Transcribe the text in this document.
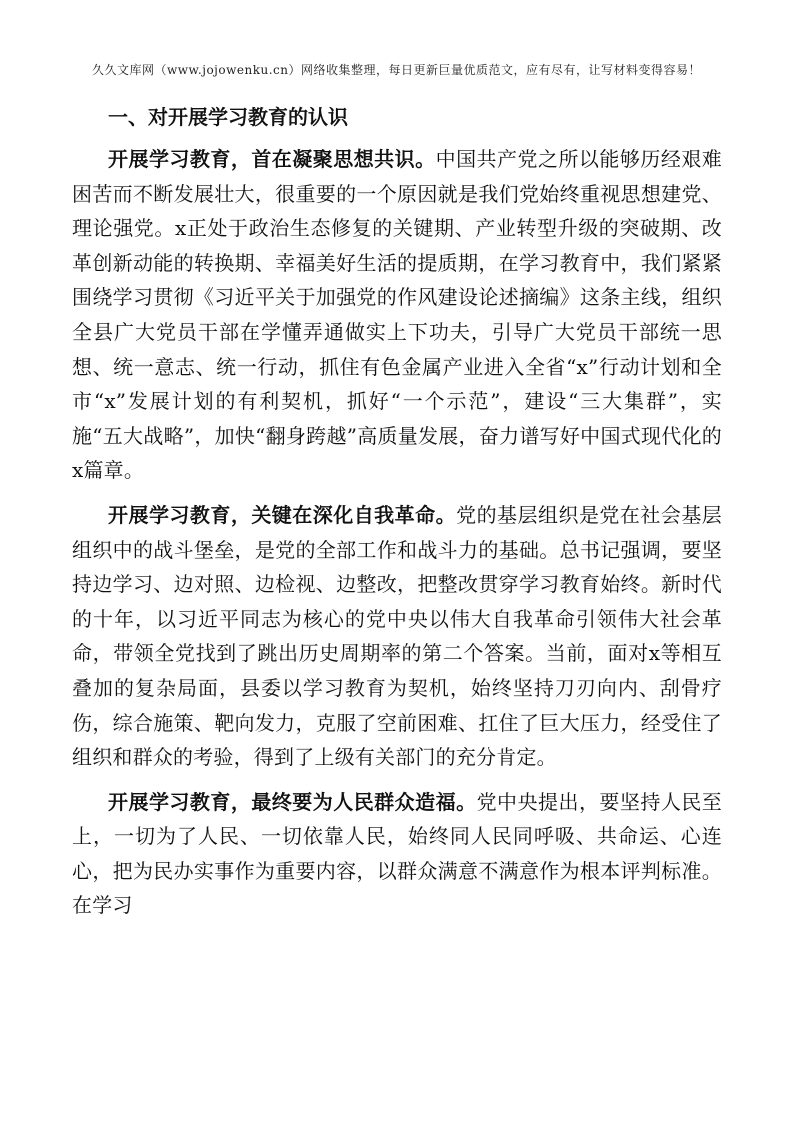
久久文库网（www.jojowenku.cn）网络收集整理，每日更新巨量优质范文，应有尽有，让写材料变得容易！
一、对开展学习教育的认识

开展学习教育，首在凝聚思想共识。中国共产党之所以能够历经艰难困苦而不断发展壮大，很重要的一个原因就是我们党始终重视思想建党、理论强党。x正处于政治生态修复的关键期、产业转型升级的突破期、改革创新动能的转换期、幸福美好生活的提质期，在学习教育中，我们紧紧围绕学习贯彻《习近平关于加强党的作风建设论述摘编》这条主线，组织全县广大党员干部在学懂弄通做实上下功夫，引导广大党员干部统一思想、统一意志、统一行动，抓住有色金属产业进入全省“x”行动计划和全市“x”发展计划的有利契机，抓好“一个示范”，建设“三大集群”，实施“五大战略”，加快“翻身跨越”高质量发展，奋力谱写好中国式现代化的x篇章。

开展学习教育，关键在深化自我革命。党的基层组织是党在社会基层组织中的战斗堡垒，是党的全部工作和战斗力的基础。总书记强调，要坚持边学习、边对照、边检视、边整改，把整改贯穿学习教育始终。新时代的十年，以习近平同志为核心的党中央以伟大自我革命引领伟大社会革命，带领全党找到了跳出历史周期率的第二个答案。当前，面对x等相互叠加的复杂局面，县委以学习教育为契机，始终坚持刀刃向内、刮骨疗伤，综合施策、靶向发力，克服了空前困难、扛住了巨大压力，经受住了组织和群众的考验，得到了上级有关部门的充分肯定。

开展学习教育，最终要为人民群众造福。党中央提出，要坚持人民至上，一切为了人民、一切依靠人民，始终同人民同呼吸、共命运、心连心，把为民办实事作为重要内容，以群众满意不满意作为根本评判标准。在学习
